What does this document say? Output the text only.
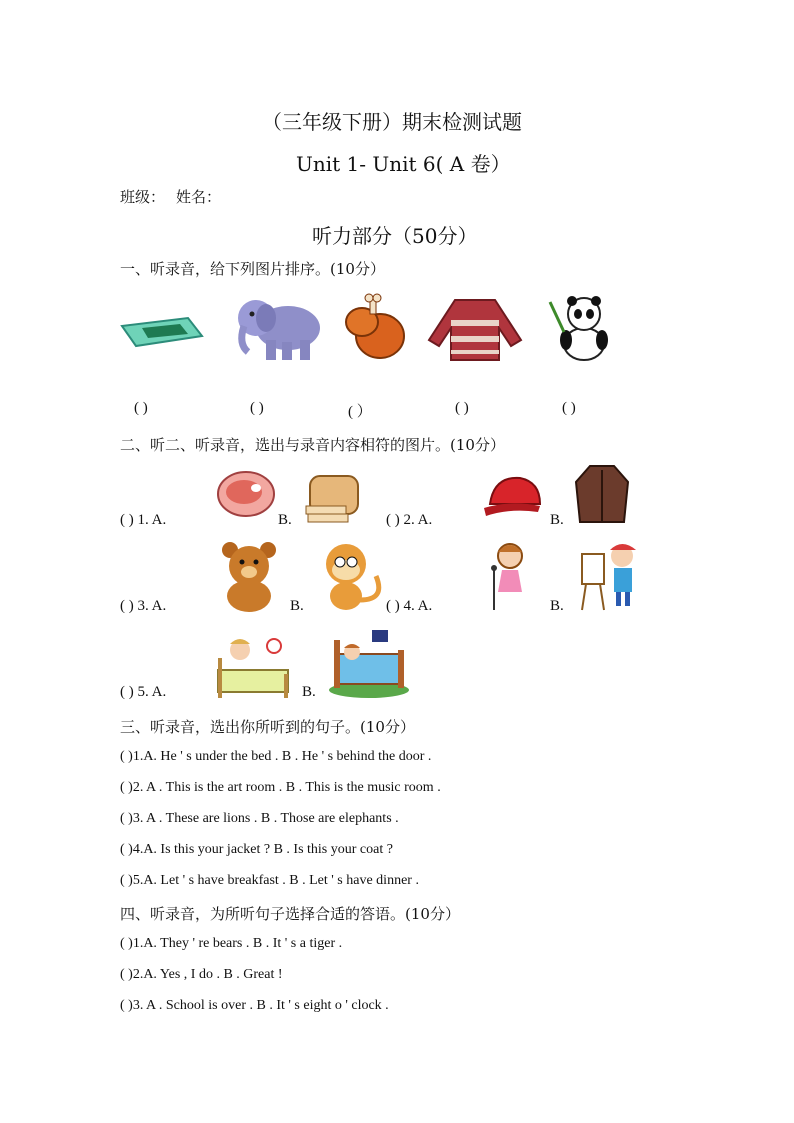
（三年级下册）期末检测试题
Unit 1- Unit 6( A 卷）
班级： 姓名：
听力部分（50分）
一、听录音，给下列图片排序。(10分）
( )	( )	( ）	( )	( )
二、听二、听录音，选出与录音内容相符的图片。(10分）
( ) 1. A.	B.	( ) 2. A.	B.
( ) 3. A.	B.	( ) 4. A.	B.
( ) 5. A.	B.
三、听录音，选出你所听到的句子。(10分）
( )1.A. He ' s under the bed . B . He ' s behind the door .
( )2. A . This is the art room . B . This is the music room .
( )3. A . These are lions . B . Those are elephants .
( )4.A. Is this your jacket ? B . Is this your coat ?
( )5.A. Let ' s have breakfast . B . Let ' s have dinner .
四、听录音，为所听句子选择合适的答语。(10分）
( )1.A. They ' re bears . B . It ' s a tiger .
( )2.A. Yes , I do . B . Great !
( )3. A . School is over . B . It ' s eight o ' clock .
